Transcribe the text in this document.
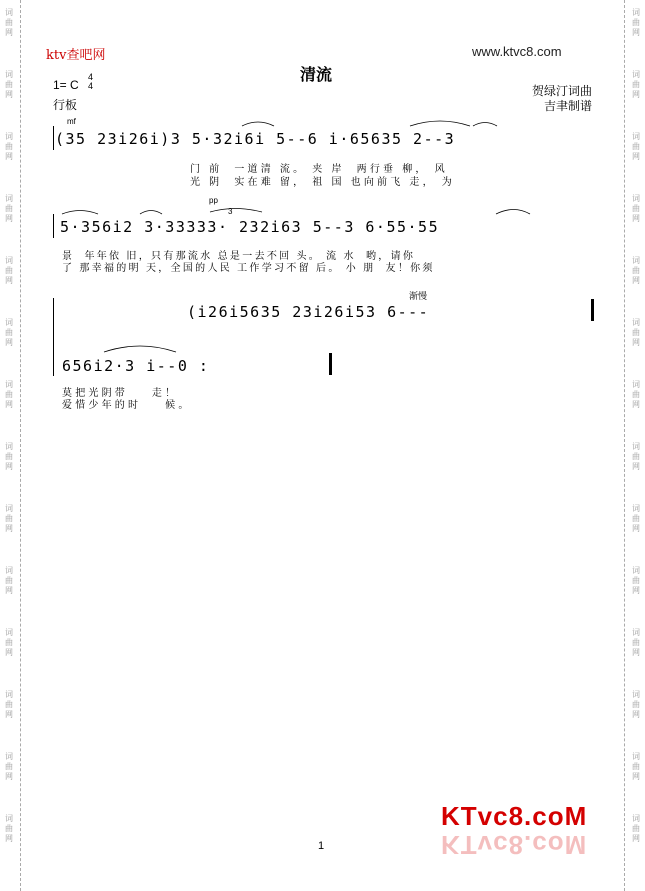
词
曲
网
词
曲
网
词
曲
网
词
曲
网
词
曲
网
词
曲
网
词
曲
网
词
曲
网
词
曲
网
词
曲
网
词
曲
网
词
曲
网
词
曲
网
词
曲
网
词
曲
网
词
曲
网
词
曲
网
词
曲
网
词
曲
网
词
曲
网
词
曲
网
词
曲
网
词
曲
网
词
曲
网
词
曲
网
词
曲
网
词
曲
网
词
曲
网
ktv查吧网	www.ktvc8.com
清流
1= C
4
4
行板
贺绿汀词曲
吉聿制谱
mf
pp
3
渐慢
(35 23i26i)3 5·32i6i 5--6 i·65635 2--3
门 前  一道清 流。 夹 岸  两行垂 柳， 风
光 阴  实在难 留， 祖 国 也向前飞 走， 为
5·356i2 3·33333· 232i63 5--3 6·55·55
景  年年依 旧，只有那流水 总是一去不回 头。 流 水  哟，请你
了 那幸福的明 天，全国的人民 工作学习不留 后。 小 朋  友！你须
(i26i5635 23i26i53 6---
656i2·3 i--0 :
莫把光阴带    走！
爱惜少年的时    候。
KTvc8.coM
KTvc8.coM
1
